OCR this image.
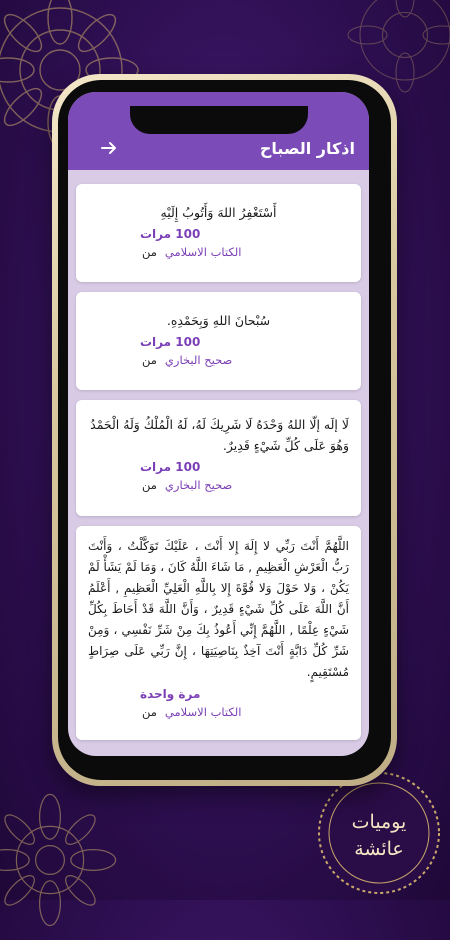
يوميات
عائشة
اذكار الصباح

أَسْتَغْفِرُ اللهَ وَأَتُوبُ إِلَيْهِ

100 مرات

من الكتاب الاسلامي

سُبْحانَ اللهِ وَبِحَمْدِهِ.

100 مرات

من صحيح البخاري

لَا إلَه إلّا اللهُ وَحْدَهُ لَا شَرِيكَ لَهُ، لَهُ الْمُلْكُ وَلَهُ الْحَمْدُ وَهُوَ عَلَى كُلِّ شَيْءٍ قَدِيرٌ.

100 مرات

من صحيح البخاري

اللَّهُمَّ أَنْتَ رَبِّي لا إِلَهَ إِلا أَنْتَ ، عَلَيْكَ تَوَكَّلْتُ ، وَأَنْتَ رَبُّ الْعَرْشِ الْعَظِيمِ , مَا شَاءَ اللَّهُ كَانَ ، وَمَا لَمْ يَشَأْ لَمْ يَكُنْ ، وَلا حَوْلَ وَلا قُوَّةَ إِلا بِاللَّهِ الْعَلِيِّ الْعَظِيمِ , أَعْلَمُ أَنَّ اللَّهَ عَلَى كُلِّ شَيْءٍ قَدِيرٌ ، وَأَنَّ اللَّهَ قَدْ أَحَاطَ بِكُلِّ شَيْءٍ عِلْمًا , اللَّهُمَّ إِنِّي أَعُوذُ بِكَ مِنْ شَرِّ نَفْسِي ، وَمِنْ شَرِّ كُلِّ دَابَّةٍ أَنْتَ آخِذٌ بِنَاصِيَتِهَا ، إِنَّ رَبِّي عَلَى صِرَاطٍ مُسْتَقِيمٍ.

مرة واحدة

من الكتاب الاسلامي
